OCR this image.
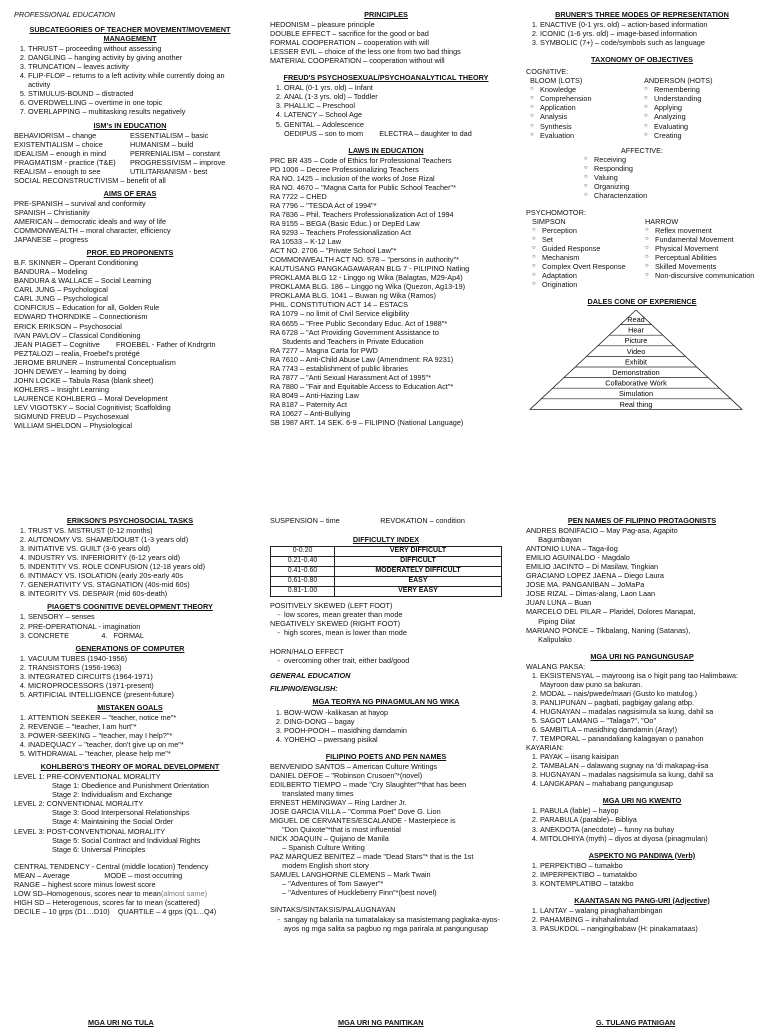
PROFESSIONAL EDUCATION
SUBCATEGORIES OF TEACHER MOVEMENT/MOVEMENT MANAGEMENT
1. THRUST – proceeding without assessing
2. DANGLING – hanging activity by giving another
3. TRUNCATION – leaves activity
4. FLIP-FLOP – returns to a left activity while currently doing an activity
5. STIMULUS-BOUND – distracted
6. OVERDWELLING – overtime in one topic
7. OVERLAPPING – multitasking results negatively
ISM's IN EDUCATION
BEHAVIORISM – change	ESSENTIALISM – basic
EXISTENTIALISM – choice	HUMANISM – build
IDEALISM – enough in mind	PERRENIALISM – constant
PRAGMATISM - practice (T&E)	PROGRESSIVISM – improve
REALISM – enough to see	UTILITARIANISM - best
SOCIAL RECONSTRUCTIVISM – benefit of all
AIMS OF ERAS
PRE-SPANISH – survival and conformity
SPANISH – Christianity
AMERICAN – democratic ideals and way of life
COMMONWEALTH – moral character, efficiency
JAPANESE – progress
PROF. ED PROPONENTS
B.F. SKINNER – Operant Conditioning
BANDURA – Modeling
BANDURA & WALLACE – Social Learning
CARL JUNG – Psychological
CARL JUNG – Psychological
CONFICIUS – Education for all, Golden Rule
EDWARD THORNDIKE – Connectionism
ERICK ERIKSON – Psychosocial
IVAN PAVLOV – Classical Conditioning
JEAN PIAGET – Cognitive        FROEBEL - Father of Kndrgrtn
PEZTALOZI – realia, Froebel's protégé
JEROME BRUNER – Instrumental Conceptualism
JOHN DEWEY – learning by doing
JOHN LOCKE – Tabula Rasa (blank sheet)
KOHLERS – Insight Learning
LAURENCE KOHLBERG – Moral Development
LEV VIGOTSKY – Social Cognitivist; Scaffolding
SIGMUND FREUD – Psychosexual
WILLIAM SHELDON – Physiological
PRINCIPLES
HEDONISM – pleasure principle
DOUBLE EFFECT – sacrifice for the good or bad
FORMAL COOPERATION – cooperation with will
LESSER EVIL – choice of the less one from two bad things
MATERIAL COOPERATION – cooperation without will
FREUD'S PSYCHOSEXUAL/PSYCHOANALYTICAL THEORY
1. ORAL (0-1 yrs. old) – Infant
2. ANAL (1-3 yrs. old) – Toddler
3. PHALLIC – Preschool
4. LATENCY – School Age
5. GENITAL – Adolescence
OEDIPUS – son to mom        ELECTRA – daughter to dad
LAWS IN EDUCATION
PRC BR 435 – Code of Ethics for Professional Teachers
PD 1006 – Decree Professionalizing Teachers
RA NO. 1425 – inclusion of the works of Jose Rizal
RA NO. 4670 – "Magna Carta for Public School Teacher"*
RA 7722 – CHED
RA 7796 – "TESDA Act of 1994"*
RA 7836 – Phil. Teachers Professionalization Act of 1994
RA 9155 – BEGA (Basic Educ.) or DepEd Law
RA 9293 – Teachers Professionalization Act
RA 10533 – K-12 Law
ACT NO. 2706 – "Private School Law"*
COMMONWEALTH ACT NO. 578 – "persons in authority"*
KAUTUSANG PANGKAGAWARAN BLG 7 - PILIPINO Natling
PROKLAMA BLG 12 - Linggo ng Wika (Balagtas, M29-Ap4)
PROKLAMA BLG. 186 – Linggo ng Wika (Quezon, Ag13-19)
PROKLAMA BLG. 1041 – Buwan ng Wika (Ramos)
PHIL. CONSTITUTION ACT 14 – ESTACS
RA 1079 – no limit of Civil Service eligibility
RA 6655 – "Free Public Secondary Educ. Act of 1988"*
RA 6728 – "Act Providing Government Assistance to
Students and Teachers in Private Education
RA 7277 – Magna Carta for PWD
RA 7610 – Anti-Child Abuse Law (Amendment: RA 9231)
RA 7743 – establishment of public libraries
RA 7877 – "Anti Sexual Harassment Act of 1995"*
RA 7880 – "Fair and Equitable Access to Education Act"*
RA 8049 – Anti-Hazing Law
RA 8187 – Paternity Act
RA 10627 – Anti-Bullying
SB 1987 ART. 14 SEK. 6-9 – FILIPINO (National Language)
BRUNER'S THREE MODES OF REPRESENTATION
1. ENACTIVE (0-1 yrs. old) – action-based information
2. ICONIC (1-6 yrs. old) – image-based information
3. SYMBOLIC (7+) – code/symbols such as language
TAXONOMY OF OBJECTIVES
COGNITIVE:
BLOOM (LOTS)
○ Knowledge
○ Comprehension
○ Application
○ Analysis
○ Synthesis
○ Evaluation
ANDERSON (HOTS)
○ Remembering
○ Understanding
○ Applying
○ Analyzing
○ Evaluating
○ Creating
AFFECTIVE:
○ Receiving
○ Responding
○ Valuing
○ Organizing
○ Characterization
PSYCHOMOTOR:
SIMPSON
○ Perception
○ Set
○ Guided Response
○ Mechanism
○ Complex Overt Response
○ Adaptation
○ Origination
HARROW
○ Reflex movement
○ Fundamental Movement
○ Physical Movement
○ Perceptual Abilities
○ Skilled Movements
○ Non-discursive communication
DALES CONE OF EXPERIENCE
Read
Hear
Picture
Video
Exhibit
Demonstration
Collaborative Work
Simulation
Real thing
ERIKSON'S PSYCHOSOCIAL TASKS
1. TRUST VS. MISTRUST (0-12 months)
2. AUTONOMY VS. SHAME/DOUBT (1-3 years old)
3. INITIATIVE VS. GUILT (3-6 years old)
4. INDUSTRY VS. INFERIORITY (6-12 years old)
5. INDENTITY VS. ROLE CONFUSION (12-18 years old)
6. INTIMACY VS. ISOLATION (early 20s-early 40s
7. GENERATIVITY VS. STAGNATION (40s-mid 60s)
8. INTEGRITY VS. DESPAIR (mid 60s-death)
PIAGET'S COGNITIVE DEVELOPMENT THEORY
1. SENSORY – senses
2. PRE-OPERATIONAL - imagination
3. CONCRETE                4.   FORMAL
GENERATIONS OF COMPUTER
1. VACUUM TUBES (1940-1956)
2. TRANSISTORS (1956-1963)
3. INTEGRATED CIRCUITS (1964-1971)
4. MICROPROCESSORS (1971-present)
5. ARTIFICIAL INTELLIGENCE (present-future)
MISTAKEN GOALS
1. ATTENTION SEEKER – "teacher, notice me"*
2. REVENGE – "teacher, I am hurt"*
3. POWER-SEEKING – "teacher, may I help?"*
4. INADEQUACY – "teacher, don't give up on me"*
5. WITHDRAWAL – "teacher, please help me"*
KOHLBERG'S THEORY OF MORAL DEVELOPMENT
LEVEL 1: PRE-CONVENTIONAL MORALITY
Stage 1: Obedience and Punishment Orientation
Stage 2: Individualism and Exchange
LEVEL 2: CONVENTIONAL MORALITY
Stage 3: Good Interpersonal Relationships
Stage 4: Maintaining the Social Order
LEVEL 3: POST-CONVENTIONAL MORALITY
Stage 5: Social Contract and Individual Rights
Stage 6: Universal Principles
CENTRAL TENDENCY - Central (middle location) Tendency
MEAN – Average                 MODE – most occurring
RANGE – highest score minus lowest score
LOW SD–Homogenous, scores near to mean(almost same)
HIGH SD – Heterogenous, scores far to mean (scattered)
DECILE – 10 grps (D1…D10)    QUARTILE – 4 grps (Q1…Q4)
SUSPENSION – time                    REVOKATION – condition
DIFFICULTY INDEX
0-0.20	VERY DIFFICULT
0.21-0.40	DIFFICULT
0.41-0.60	MODERATELY DIFFICULT
0.61-0.80	EASY
0.81-1.00	VERY EASY
POSITIVELY SKEWED (LEFT FOOT)
- low scores, mean greater than mode
NEGATIVELY SKEWED (RIGHT FOOT)
- high scores, mean is lower than mode
HORN/HALO EFFECT
- overcoming other trait, either bad/good
GENERAL EDUCATION
FILIPINO/ENGLISH:
MGA TEORYA NG PINAGMULAN NG WIKA
1. BOW-WOW -kalikasan at hayop
2. DING-DONG – bagay
3. POOH-POOH – masidhing damdamin
4. YOHEHO – pwersang pisikal
FILIPINO POETS AND PEN NAMES
BENVENIDO SANTOS – American Culture Writings
DANIEL DEFOE – "Robinson Crusoen"*(novel)
EDILBERTO TIEMPO – made "Cry Slaughter"*that has been
translated many times
ERNEST HEMINGWAY – Ring Lardner Jr.
JOSE GARCIA VILLA – "Comma Poet" Dove G. Lion
MIGUEL DE CERVANTES/ESCALANDE - Masterpiece is
"Don Quixote"*that is most influential
NICK JOAQUIN – Quijano de Manila
– Spanish Culture Writing
PAZ MARQUEZ BENITEZ – made "Dead Stars"* that is the 1st
modern English short story
SAMUEL LANGHORNE CLEMENS – Mark Twain
– "Adventures of Tom Sawyer"*
– "Adventures of Huckleberry Finn"*(best novel)
SINTAKS/SINTAKSIS/PALAUGNAYAN
- sangay ng balarila na tumatalakay sa masistemang pagkaka-ayos-ayos ng mga salita sa pagbuo ng mga parirala at pangungusap
PEN NAMES OF FILIPINO PROTAGONISTS
ANDRES BONIFACIO – May Pag-asa, Agapito
Bagumbayan
ANTONIO LUNA – Taga-ilog
EMILIO AGUINALDO - Magdalo
EMILIO JACINTO – Di Masilaw, Tingkian
GRACIANO LOPEZ JAENA – Diego Laura
JOSE MA. PANGANIBAN – JoMaPa
JOSE RIZAL – Dimas-alang, Laon Laan
JUAN LUNA – Buan
MARCELO DEL PILAR – Plaridel, Dolores Manapat,
Piping Dilat
MARIANO PONCE – Tikbalang, Naning (Satanas),
Kalipulako
MGA URI NG PANGUNGUSAP
WALANG PAKSA:
1. EKSISTENSYAL – mayroong isa o higit pang tao Halimbawa: Mayroon daw puno sa bakuran.
2. MODAL – nais/pwede/maari (Gusto ko matulog.)
3. PANLIPUNAN – pagbati, pagbigay galang atbp.
4. HUGNAYAN – madalas nagsisimula sa kung, dahil sa
5. SAGOT LAMANG – "Talaga?", "Oo"
6. SAMBITLA – masidhing damdamin (Aray!)
7. TEMPORAL – panandaliang kalagayan o panahon
KAYARIAN:
1. PAYAK – iisang kaisipan
2. TAMBALAN – dalawang sugnay na 'di makapag-iisa
3. HUGNAYAN – madalas nagsisimula sa kung, dahil sa
4. LANGKAPAN – mahabang pangungusap
MGA URI NG KWENTO
1. PABULA (fable) – hayop
2. PARABULA (parable)– Bibliya
3. ANEKDOTA (anecdote) – funny na buhay
4. MITOLOHIYA (myth) – diyos at diyosa (pinagmulan)
ASPEKTO NG PANDIWA (Verb)
1. PERPEKTIBO – tumakbo
2. IMPERPEKTIBO – tumatakbo
3. KONTEMPLATIBO – tatakbo
KAANTASAN NG PANG-URI (Adjective)
1. LANTAY – walang pinaghahambingan
2. PAHAMBING – inihahalintulad
3. PASUKDOL – nangingibabaw (H: pinakamataas)
MGA URI NG TULA	MGA URI NG PANITIKAN	G. TULANG PATNIGAN
